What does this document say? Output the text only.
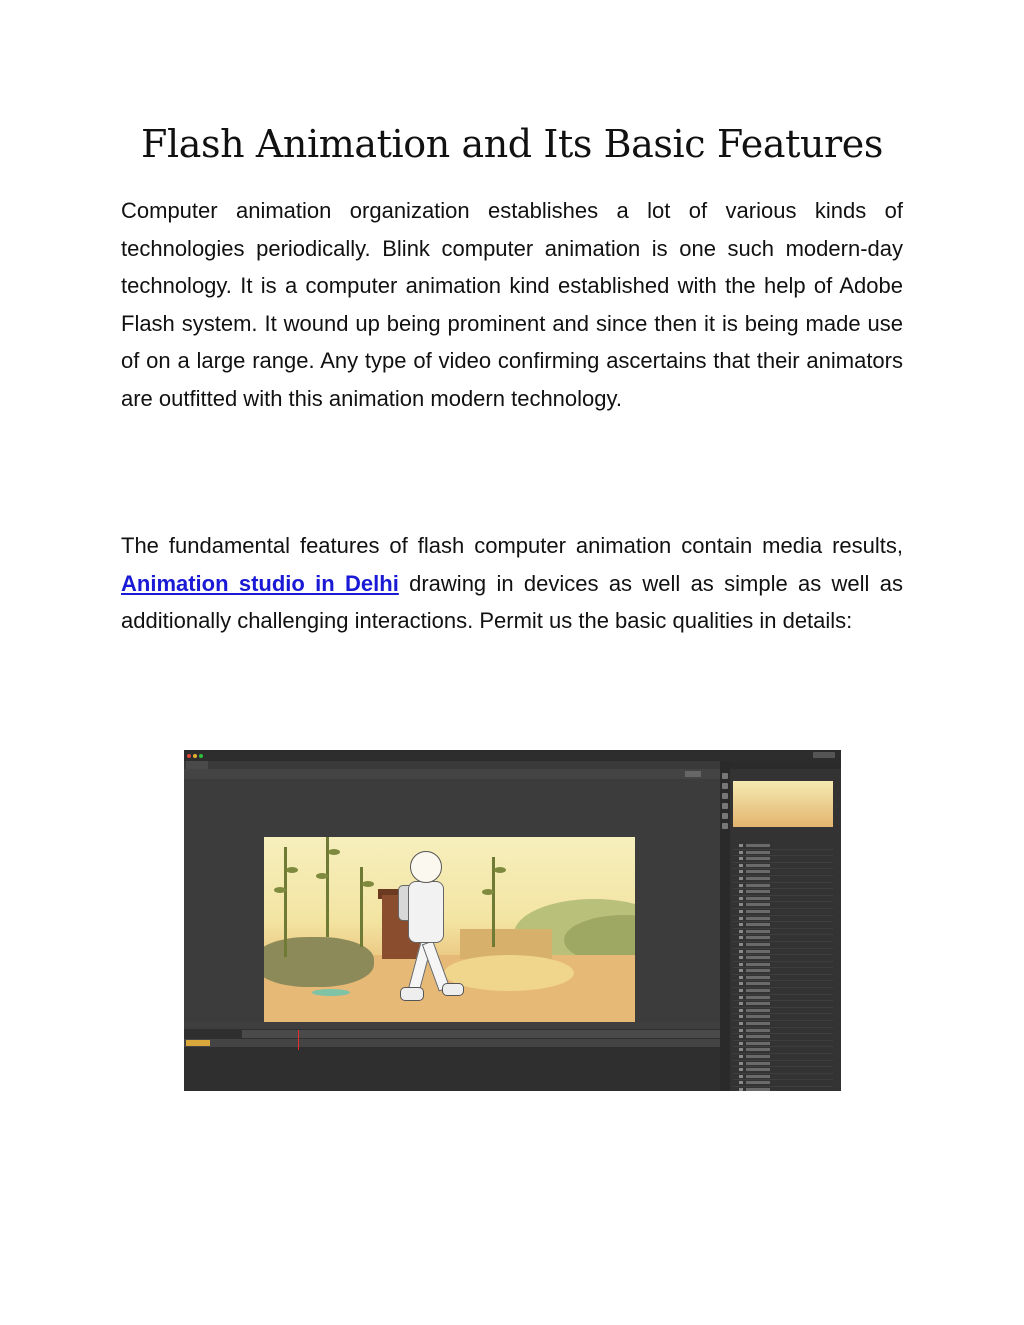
Flash Animation and Its Basic Features

Computer animation organization establishes a lot of various kinds of technologies periodically. Blink computer animation is one such modern-day technology. It is a computer animation kind established with the help of Adobe Flash system. It wound up being prominent and since then it is being made use of on a large range. Any type of video confirming ascertains that their animators are outfitted with this animation modern technology.

The fundamental features of flash computer animation contain media results, Animation studio in Delhi drawing in devices as well as simple as well as additionally challenging interactions. Permit us the basic qualities in details:
